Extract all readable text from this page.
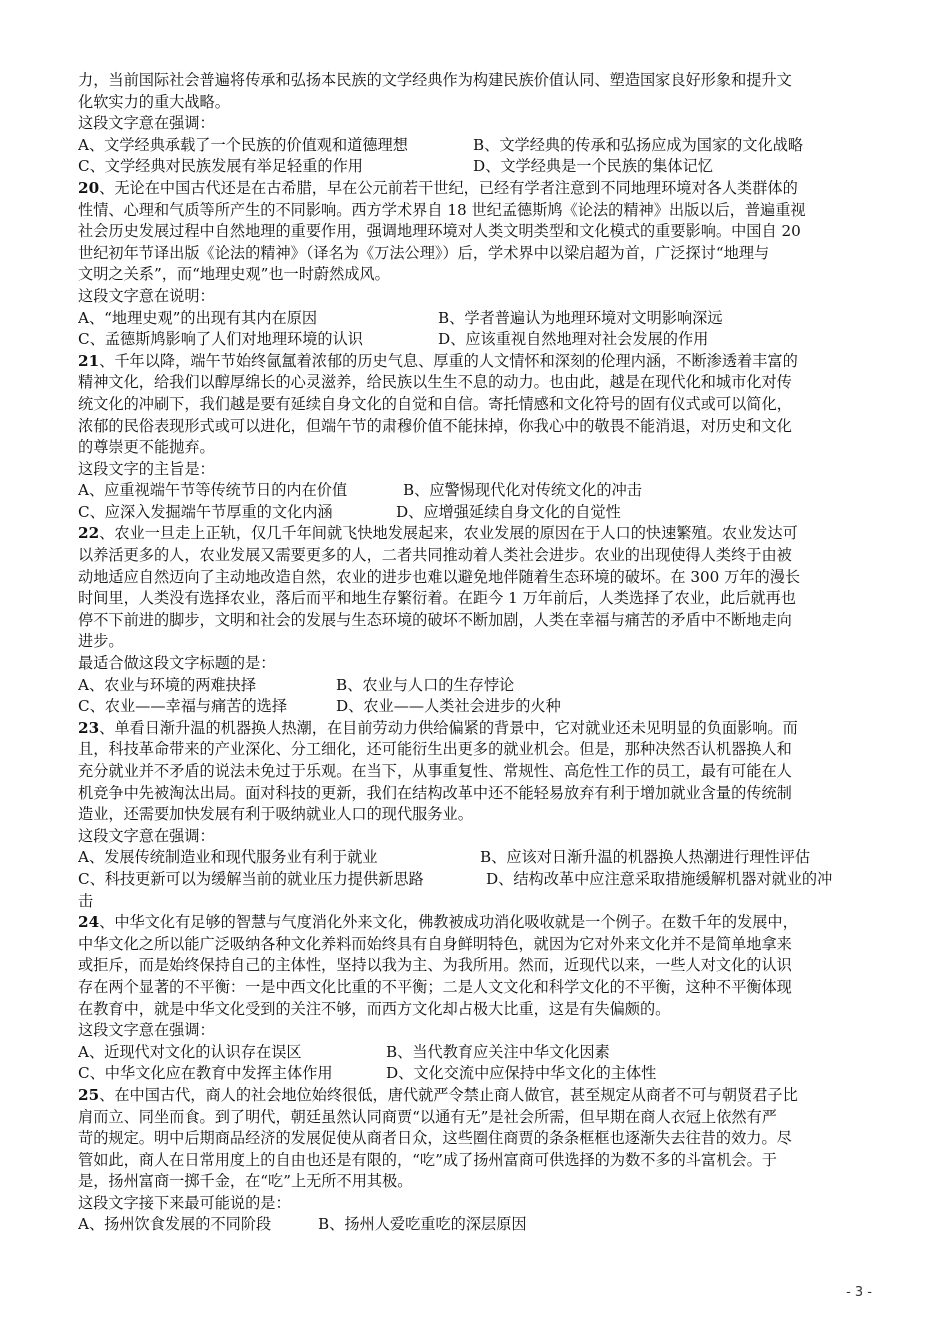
力，当前国际社会普遍将传承和弘扬本民族的文学经典作为构建民族价值认同、塑造国家良好形象和提升文
化软实力的重大战略。
这段文字意在强调：
A、文学经典承载了一个民族的价值观和道德理想	B、文学经典的传承和弘扬应成为国家的文化战略
C、文学经典对民族发展有举足轻重的作用	D、文学经典是一个民族的集体记忆
20、无论在中国古代还是在古希腊，早在公元前若干世纪，已经有学者注意到不同地理环境对各人类群体的
性情、心理和气质等所产生的不同影响。西方学术界自 18 世纪孟德斯鸠《论法的精神》出版以后，普遍重视
社会历史发展过程中自然地理的重要作用，强调地理环境对人类文明类型和文化模式的重要影响。中国自 20
世纪初年节译出版《论法的精神》（译名为《万法公理》）后，学术界中以梁启超为首，广泛探讨“地理与
文明之关系”，而“地理史观”也一时蔚然成风。
这段文字意在说明：
A、“地理史观”的出现有其内在原因	B、学者普遍认为地理环境对文明影响深远
C、孟德斯鸠影响了人们对地理环境的认识	D、应该重视自然地理对社会发展的作用
21、千年以降，端午节始终氤氲着浓郁的历史气息、厚重的人文情怀和深刻的伦理内涵，不断渗透着丰富的
精神文化，给我们以醇厚绵长的心灵滋养，给民族以生生不息的动力。也由此，越是在现代化和城市化对传
统文化的冲刷下，我们越是要有延续自身文化的自觉和自信。寄托情感和文化符号的固有仪式或可以简化，
浓郁的民俗表现形式或可以进化，但端午节的肃穆价值不能抹掉，你我心中的敬畏不能消退，对历史和文化
的尊崇更不能抛弃。
这段文字的主旨是：
A、应重视端午节等传统节日的内在价值	B、应警惕现代化对传统文化的冲击
C、应深入发掘端午节厚重的文化内涵	D、应增强延续自身文化的自觉性
22、农业一旦走上正轨，仅几千年间就飞快地发展起来，农业发展的原因在于人口的快速繁殖。农业发达可
以养活更多的人，农业发展又需要更多的人，二者共同推动着人类社会进步。农业的出现使得人类终于由被
动地适应自然迈向了主动地改造自然，农业的进步也难以避免地伴随着生态环境的破坏。在 300 万年的漫长
时间里，人类没有选择农业，落后而平和地生存繁衍着。在距今 1 万年前后，人类选择了农业，此后就再也
停不下前进的脚步，文明和社会的发展与生态环境的破坏不断加剧，人类在幸福与痛苦的矛盾中不断地走向
进步。
最适合做这段文字标题的是：
A、农业与环境的两难抉择	B、农业与人口的生存悖论
C、农业——幸福与痛苦的选择	D、农业——人类社会进步的火种
23、单看日渐升温的机器换人热潮，在目前劳动力供给偏紧的背景中，它对就业还未见明显的负面影响。而
且，科技革命带来的产业深化、分工细化，还可能衍生出更多的就业机会。但是，那种决然否认机器换人和
充分就业并不矛盾的说法未免过于乐观。在当下，从事重复性、常规性、高危性工作的员工，最有可能在人
机竞争中先被淘汰出局。面对科技的更新，我们在结构改革中还不能轻易放弃有利于增加就业含量的传统制
造业，还需要加快发展有利于吸纳就业人口的现代服务业。
这段文字意在强调：
A、发展传统制造业和现代服务业有利于就业	B、应该对日渐升温的机器换人热潮进行理性评估
C、科技更新可以为缓解当前的就业压力提供新思路	D、结构改革中应注意采取措施缓解机器对就业的冲
击
24、中华文化有足够的智慧与气度消化外来文化，佛教被成功消化吸收就是一个例子。在数千年的发展中，
中华文化之所以能广泛吸纳各种文化养料而始终具有自身鲜明特色，就因为它对外来文化并不是简单地拿来
或拒斥，而是始终保持自己的主体性，坚持以我为主、为我所用。然而，近现代以来，一些人对文化的认识
存在两个显著的不平衡：一是中西文化比重的不平衡；二是人文文化和科学文化的不平衡，这种不平衡体现
在教育中，就是中华文化受到的关注不够，而西方文化却占极大比重，这是有失偏颇的。
这段文字意在强调：
A、近现代对文化的认识存在误区	B、当代教育应关注中华文化因素
C、中华文化应在教育中发挥主体作用	D、文化交流中应保持中华文化的主体性
25、在中国古代，商人的社会地位始终很低，唐代就严令禁止商人做官，甚至规定从商者不可与朝贤君子比
肩而立、同坐而食。到了明代，朝廷虽然认同商贾“以通有无”是社会所需，但早期在商人衣冠上依然有严
苛的规定。明中后期商品经济的发展促使从商者日众，这些圈住商贾的条条框框也逐渐失去往昔的效力。尽
管如此，商人在日常用度上的自由也还是有限的，“吃”成了扬州富商可供选择的为数不多的斗富机会。于
是，扬州富商一掷千金，在“吃”上无所不用其极。
这段文字接下来最可能说的是：
A、扬州饮食发展的不同阶段	B、扬州人爱吃重吃的深层原因
- 3 -
